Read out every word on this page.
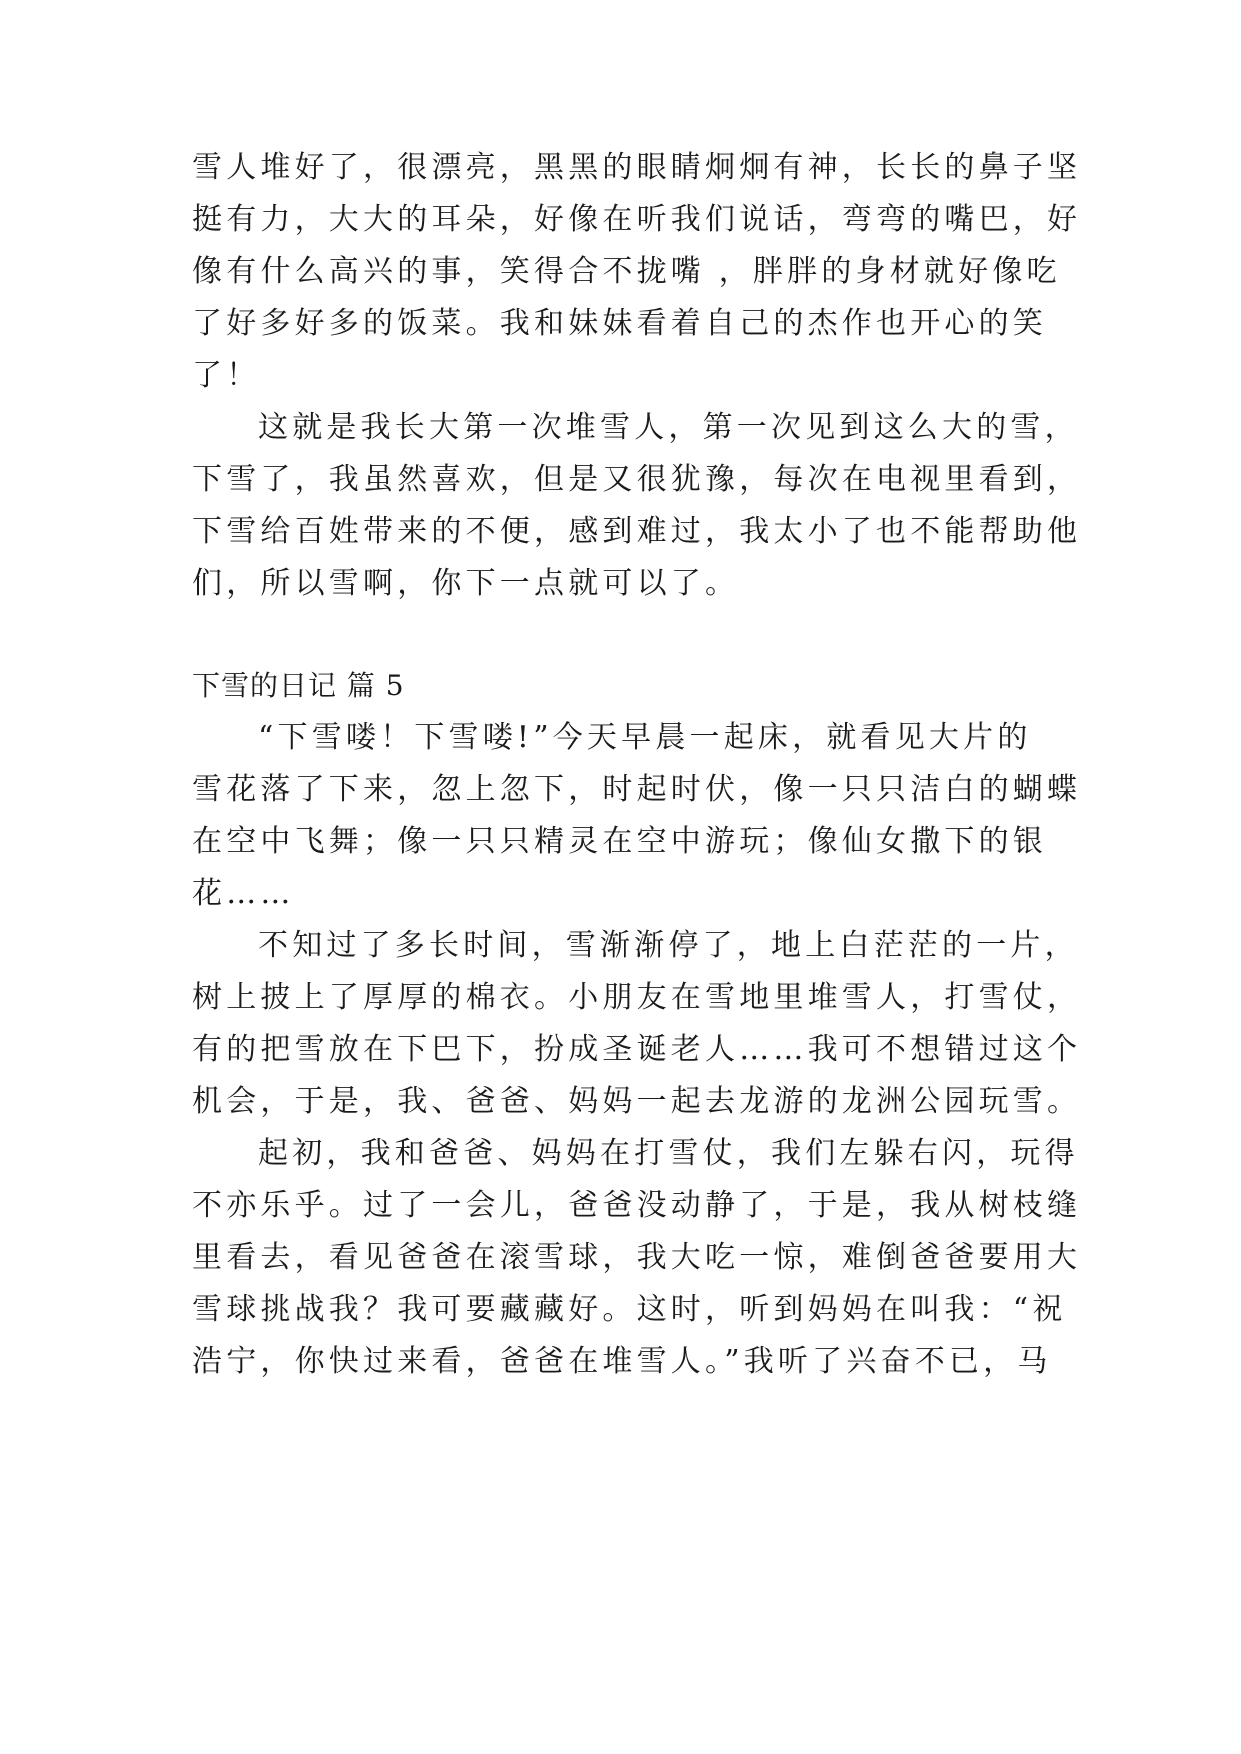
雪人堆好了，很漂亮，黑黑的眼睛炯炯有神，长长的鼻子坚
挺有力，大大的耳朵，好像在听我们说话，弯弯的嘴巴，好
像有什么高兴的事，笑得合不拢嘴 ，胖胖的身材就好像吃
了好多好多的饭菜。我和妹妹看着自己的杰作也开心的笑
了！
这就是我长大第一次堆雪人，第一次见到这么大的雪，
下雪了，我虽然喜欢，但是又很犹豫，每次在电视里看到，
下雪给百姓带来的不便，感到难过，我太小了也不能帮助他
们，所以雪啊，你下一点就可以了。
下雪的日记 篇 5
“下雪喽！下雪喽!”今天早晨一起床，就看见大片的
雪花落了下来，忽上忽下，时起时伏，像一只只洁白的蝴蝶
在空中飞舞；像一只只精灵在空中游玩；像仙女撒下的银
花……
不知过了多长时间，雪渐渐停了，地上白茫茫的一片，
树上披上了厚厚的棉衣。小朋友在雪地里堆雪人，打雪仗，
有的把雪放在下巴下，扮成圣诞老人……我可不想错过这个
机会，于是，我、爸爸、妈妈一起去龙游的龙洲公园玩雪。
起初，我和爸爸、妈妈在打雪仗，我们左躲右闪，玩得
不亦乐乎。过了一会儿，爸爸没动静了，于是，我从树枝缝
里看去，看见爸爸在滚雪球，我大吃一惊，难倒爸爸要用大
雪球挑战我？我可要藏藏好。这时，听到妈妈在叫我：“祝
浩宁，你快过来看，爸爸在堆雪人。”我听了兴奋不已，马
